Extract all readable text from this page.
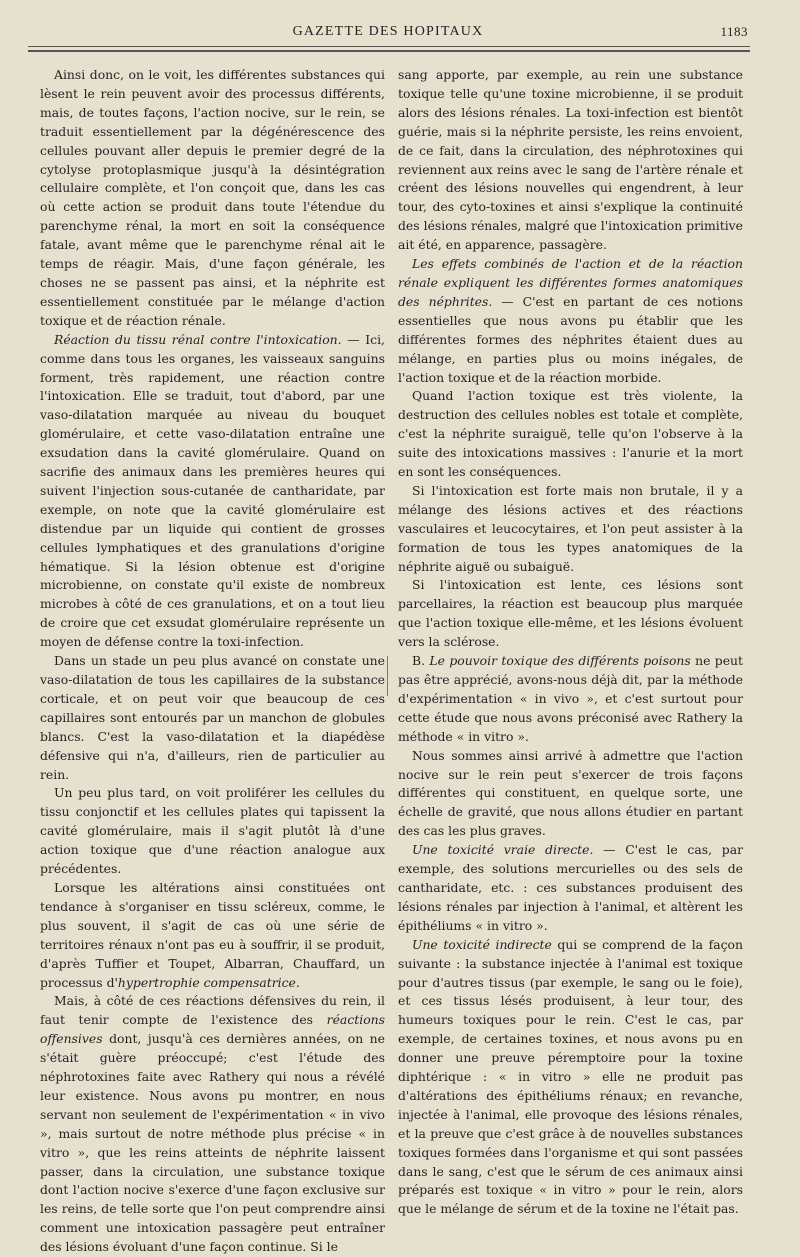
GAZETTE DES HOPITAUX	1183

Ainsi donc, on le voit, les différentes substances qui lèsent le rein peuvent avoir des processus différents, mais, de toutes façons, l'action nocive, sur le rein, se traduit essentiellement par la dégénérescence des cellules pouvant aller depuis le premier degré de la cytolyse protoplasmique jusqu'à la désintégration cellulaire complète, et l'on conçoit que, dans les cas où cette action se produit dans toute l'étendue du parenchyme rénal, la mort en soit la conséquence fatale, avant même que le parenchyme rénal ait le temps de réagir. Mais, d'une façon générale, les choses ne se passent pas ainsi, et la néphrite est essentiellement constituée par le mélange d'action toxique et de réaction rénale.

Réaction du tissu rénal contre l'intoxication. — Ici, comme dans tous les organes, les vaisseaux sanguins forment, très rapidement, une réaction contre l'intoxication. Elle se traduit, tout d'abord, par une vaso-dilatation marquée au niveau du bouquet glomérulaire, et cette vaso-dilatation entraîne une exsudation dans la cavité glomérulaire. Quand on sacrifie des animaux dans les premières heures qui suivent l'injection sous-cutanée de cantharidate, par exemple, on note que la cavité glomérulaire est distendue par un liquide qui contient de grosses cellules lymphatiques et des granulations d'origine hématique. Si la lésion obtenue est d'origine microbienne, on constate qu'il existe de nombreux microbes à côté de ces granulations, et on a tout lieu de croire que cet exsudat glomérulaire représente un moyen de défense contre la toxi-infection.

Dans un stade un peu plus avancé on constate une vaso-dilatation de tous les capillaires de la substance corticale, et on peut voir que beaucoup de ces capillaires sont entourés par un manchon de globules blancs. C'est la vaso-dilatation et la diapédèse défensive qui n'a, d'ailleurs, rien de particulier au rein.

Un peu plus tard, on voit proliférer les cellules du tissu conjonctif et les cellules plates qui tapissent la cavité glomérulaire, mais il s'agit plutôt là d'une action toxique que d'une réaction analogue aux précédentes.

Lorsque les altérations ainsi constituées ont tendance à s'organiser en tissu scléreux, comme, le plus souvent, il s'agit de cas où une série de territoires rénaux n'ont pas eu à souffrir, il se produit, d'après Tuffier et Toupet, Albarran, Chauffard, un processus d'hypertrophie compensatrice.

Mais, à côté de ces réactions défensives du rein, il faut tenir compte de l'existence des réactions offensives dont, jusqu'à ces dernières années, on ne s'était guère préoccupé; c'est l'étude des néphrotoxines faite avec Rathery qui nous a révélé leur existence. Nous avons pu montrer, en nous servant non seulement de l'expérimentation « in vivo », mais surtout de notre méthode plus précise « in vitro », que les reins atteints de néphrite laissent passer, dans la circulation, une substance toxique dont l'action nocive s'exerce d'une façon exclusive sur les reins, de telle sorte que l'on peut comprendre ainsi comment une intoxication passagère peut entraîner des lésions évoluant d'une façon continue. Si le

sang apporte, par exemple, au rein une substance toxique telle qu'une toxine microbienne, il se produit alors des lésions rénales. La toxi-infection est bientôt guérie, mais si la néphrite persiste, les reins envoient, de ce fait, dans la circulation, des néphrotoxines qui reviennent aux reins avec le sang de l'artère rénale et créent des lésions nouvelles qui engendrent, à leur tour, des cyto-toxines et ainsi s'explique la continuité des lésions rénales, malgré que l'intoxication primitive ait été, en apparence, passagère.

Les effets combinés de l'action et de la réaction rénale expliquent les différentes formes anatomiques des néphrites. — C'est en partant de ces notions essentielles que nous avons pu établir que les différentes formes des néphrites étaient dues au mélange, en parties plus ou moins inégales, de l'action toxique et de la réaction morbide.

Quand l'action toxique est très violente, la destruction des cellules nobles est totale et complète, c'est la néphrite suraiguë, telle qu'on l'observe à la suite des intoxications massives : l'anurie et la mort en sont les conséquences.

Si l'intoxication est forte mais non brutale, il y a mélange des lésions actives et des réactions vasculaires et leucocytaires, et l'on peut assister à la formation de tous les types anatomiques de la néphrite aiguë ou subaiguë.

Si l'intoxication est lente, ces lésions sont parcellaires, la réaction est beaucoup plus marquée que l'action toxique elle-même, et les lésions évoluent vers la sclérose.

B. Le pouvoir toxique des différents poisons ne peut pas être apprécié, avons-nous déjà dit, par la méthode d'expérimentation « in vivo », et c'est surtout pour cette étude que nous avons préconisé avec Rathery la méthode « in vitro ».

Nous sommes ainsi arrivé à admettre que l'action nocive sur le rein peut s'exercer de trois façons différentes qui constituent, en quelque sorte, une échelle de gravité, que nous allons étudier en partant des cas les plus graves.

Une toxicité vraie directe. — C'est le cas, par exemple, des solutions mercurielles ou des sels de cantharidate, etc. : ces substances produisent des lésions rénales par injection à l'animal, et altèrent les épithéliums « in vitro ».

Une toxicité indirecte qui se comprend de la façon suivante : la substance injectée à l'animal est toxique pour d'autres tissus (par exemple, le sang ou le foie), et ces tissus lésés produisent, à leur tour, des humeurs toxiques pour le rein. C'est le cas, par exemple, de certaines toxines, et nous avons pu en donner une preuve péremptoire pour la toxine diphtérique : « in vitro » elle ne produit pas d'altérations des épithéliums rénaux; en revanche, injectée à l'animal, elle provoque des lésions rénales, et la preuve que c'est grâce à de nouvelles substances toxiques formées dans l'organisme et qui sont passées dans le sang, c'est que le sérum de ces animaux ainsi préparés est toxique « in vitro » pour le rein, alors que le mélange de sérum et de la toxine ne l'était pas.
